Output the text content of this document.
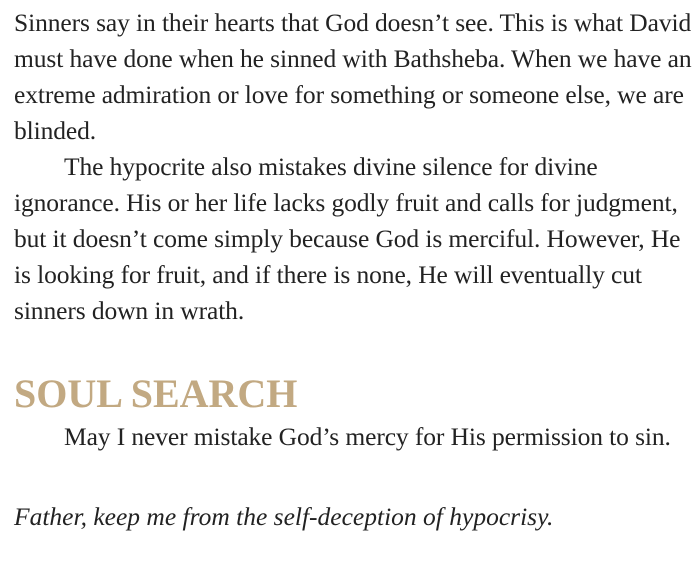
Sinners say in their hearts that God doesn’t see. This is what David must have done when he sinned with Bathsheba. When we have an extreme admiration or love for something or someone else, we are blinded.

The hypocrite also mistakes divine silence for divine ignorance. His or her life lacks godly fruit and calls for judgment, but it doesn’t come simply because God is merciful. However, He is looking for fruit, and if there is none, He will eventually cut sinners down in wrath.

SOUL SEARCH

May I never mistake God’s mercy for His permission to sin.

Father, keep me from the self-deception of hypocrisy.
